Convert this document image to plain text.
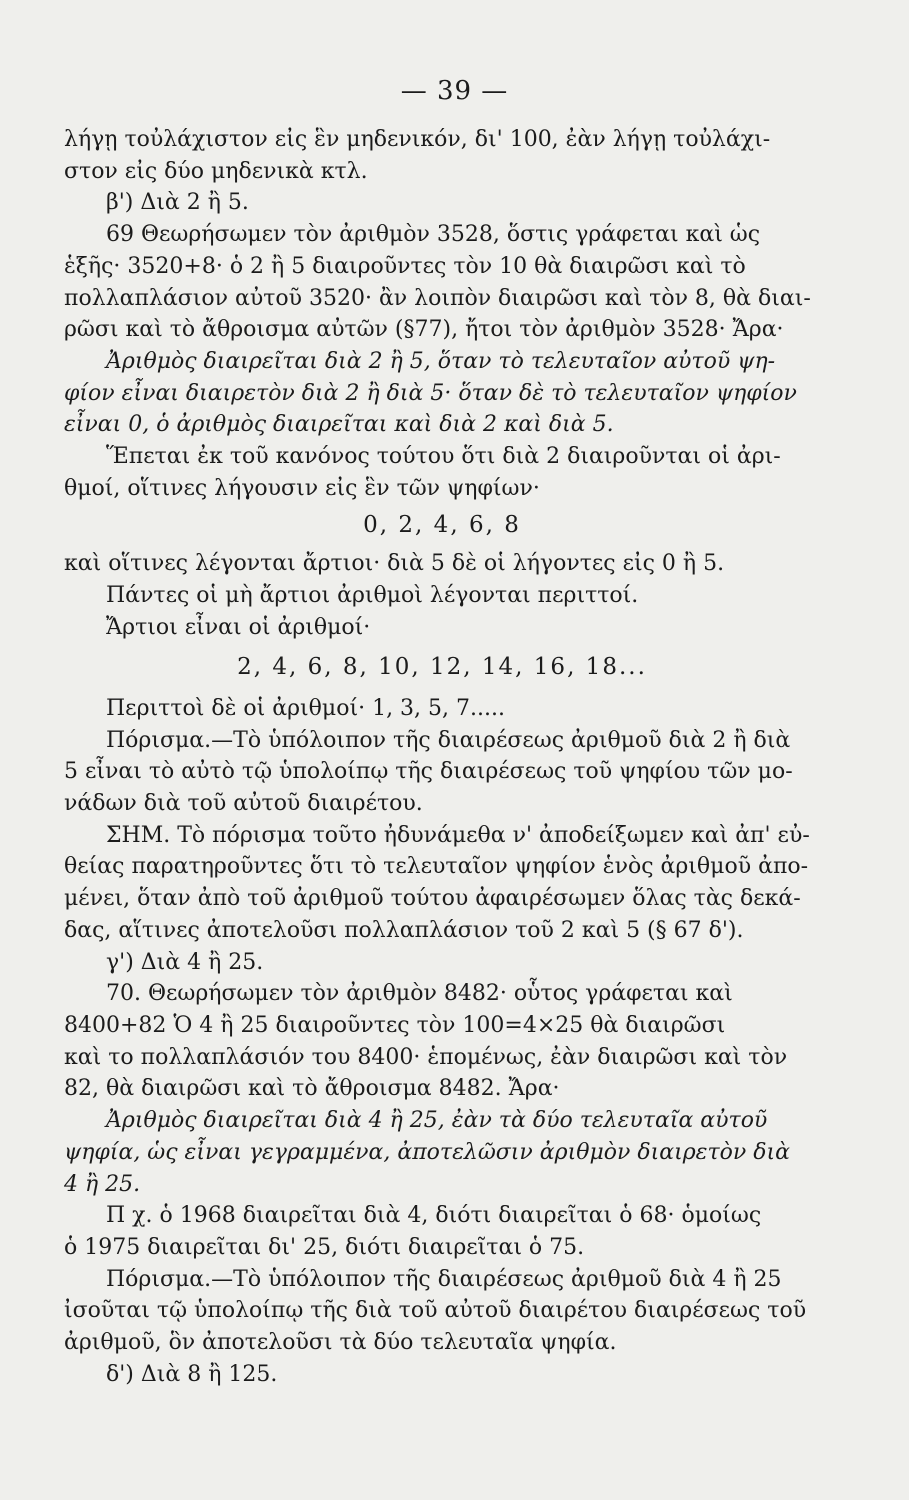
— 39 —

λήγῃ τοὐλάχιστον εἰς ἓν μηδενικόν, δι' 100, ἐὰν λήγῃ τοὐλάχι-

στον εἰς δύο μηδενικὰ κτλ.

β') Διὰ 2 ἢ 5.

69 Θεωρήσωμεν τὸν ἀριθμὸν 3528, ὅστις γράφεται καὶ ὡς

ἑξῆς· 3520+8· ὁ 2 ἢ 5 διαιροῦντες τὸν 10 θὰ διαιρῶσι καὶ τὸ

πολλαπλάσιον αὐτοῦ 3520· ἂν λοιπὸν διαιρῶσι καὶ τὸν 8, θὰ διαι-

ρῶσι καὶ τὸ ἄθροισμα αὐτῶν (§77), ἤτοι τὸν ἀριθμὸν 3528· Ἄρα·

Ἀριθμὸς διαιρεῖται διὰ 2 ἢ 5, ὅταν τὸ τελευταῖον αὐτοῦ ψη-

φίον εἶναι διαιρετὸν διὰ 2 ἢ διὰ 5· ὅταν δὲ τὸ τελευταῖον ψηφίον

εἶναι 0, ὁ ἀριθμὸς διαιρεῖται καὶ διὰ 2 καὶ διὰ 5.

Ἕπεται ἐκ τοῦ κανόνος τούτου ὅτι διὰ 2 διαιροῦνται οἱ ἀρι-

θμοί, οἵτινες λήγουσιν εἰς ἓν τῶν ψηφίων·

0, 2, 4, 6, 8

καὶ οἵτινες λέγονται ἄρτιοι· διὰ 5 δὲ οἱ λήγοντες εἰς 0 ἢ 5.

Πάντες οἱ μὴ ἄρτιοι ἀριθμοὶ λέγονται περιττοί.

Ἄρτιοι εἶναι οἱ ἀριθμοί·

2, 4, 6, 8, 10, 12, 14, 16, 18...

Περιττοὶ δὲ οἱ ἀριθμοί· 1, 3, 5, 7.....

Πόρισμα.—Τὸ ὑπόλοιπον τῆς διαιρέσεως ἀριθμοῦ διὰ 2 ἢ διὰ

5 εἶναι τὸ αὐτὸ τῷ ὑπολοίπῳ τῆς διαιρέσεως τοῦ ψηφίου τῶν μο-

νάδων διὰ τοῦ αὐτοῦ διαιρέτου.

ΣΗΜ. Τὸ πόρισμα τοῦτο ἠδυνάμεθα ν' ἀποδείξωμεν καὶ ἀπ' εὐ-

θείας παρατηροῦντες ὅτι τὸ τελευταῖον ψηφίον ἑνὸς ἀριθμοῦ ἀπο-

μένει, ὅταν ἀπὸ τοῦ ἀριθμοῦ τούτου ἀφαιρέσωμεν ὅλας τὰς δεκά-

δας, αἵτινες ἀποτελοῦσι πολλαπλάσιον τοῦ 2 καὶ 5 (§ 67 δ').

γ') Διὰ 4 ἢ 25.

70. Θεωρήσωμεν τὸν ἀριθμὸν 8482· οὗτος γράφεται καὶ

8400+82 Ὁ 4 ἢ 25 διαιροῦντες τὸν 100=4×25 θὰ διαιρῶσι

καὶ το πολλαπλάσιόν του 8400· ἑπομένως, ἐὰν διαιρῶσι καὶ τὸν

82, θὰ διαιρῶσι καὶ τὸ ἄθροισμα 8482. Ἄρα·

Ἀριθμὸς διαιρεῖται διὰ 4 ἢ 25, ἐὰν τὰ δύο τελευταῖα αὐτοῦ

ψηφία, ὡς εἶναι γεγραμμένα, ἀποτελῶσιν ἀριθμὸν διαιρετὸν διὰ

4 ἢ 25.

Π χ. ὁ 1968 διαιρεῖται διὰ 4, διότι διαιρεῖται ὁ 68· ὁμοίως

ὁ 1975 διαιρεῖται δι' 25, διότι διαιρεῖται ὁ 75.

Πόρισμα.—Τὸ ὑπόλοιπον τῆς διαιρέσεως ἀριθμοῦ διὰ 4 ἢ 25

ἰσοῦται τῷ ὑπολοίπῳ τῆς διὰ τοῦ αὐτοῦ διαιρέτου διαιρέσεως τοῦ

ἀριθμοῦ, ὃν ἀποτελοῦσι τὰ δύο τελευταῖα ψηφία.

δ') Διὰ 8 ἢ 125.
